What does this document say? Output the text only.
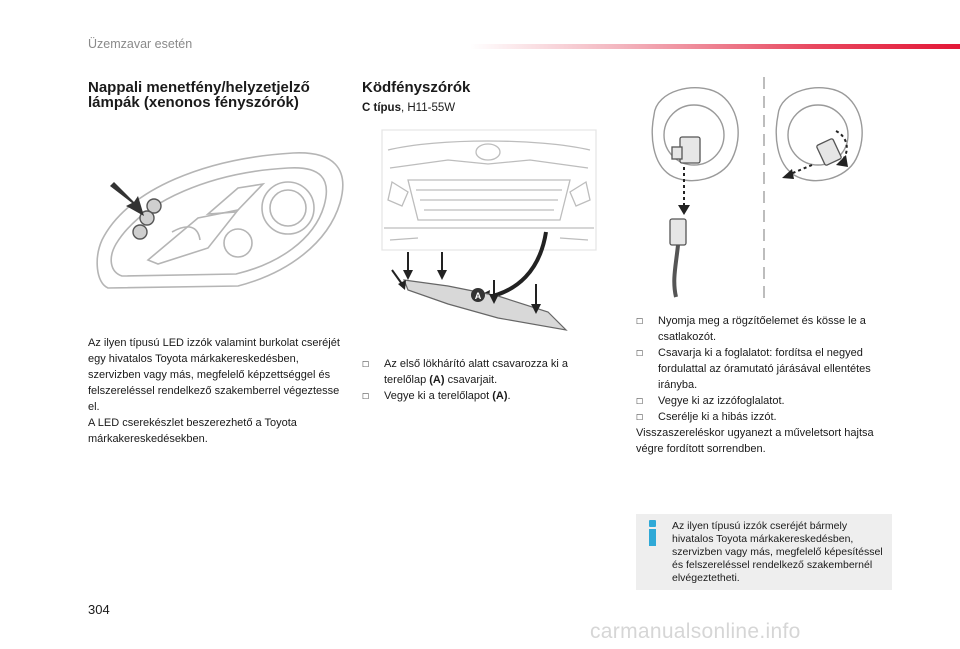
Üzemzavar esetén
Nappali menetfény/helyzetjelző lámpák (xenonos fényszórók)
Az ilyen típusú LED izzók valamint burkolat cseréjét egy hivatalos Toyota márkakereskedésben, szervizben vagy más, megfelelő képzettséggel és felszereléssel rendelkező szakemberrel végeztesse el.
A LED cserekészlet beszerezhető a Toyota márkakereskedésekben.
Ködfényszórók
C típus, H11-55W
A
☐ Az első lökhárító alatt csavarozza ki a terelőlap (A) csavarjait.
☐ Vegye ki a terelőlapot (A).
☐ Nyomja meg a rögzítőelemet és kösse le a csatlakozót.
☐ Csavarja ki a foglalatot: fordítsa el negyed fordulattal az óramutató járásával ellentétes irányba.
☐ Vegye ki az izzófoglalatot.
☐ Cserélje ki a hibás izzót.
Visszaszereléskor ugyanezt a műveletsort hajtsa végre fordított sorrendben.
Az ilyen típusú izzók cseréjét bármely hivatalos Toyota márkakereskedésben, szervizben vagy más, megfelelő képesítéssel és felszereléssel rendelkező szakembernél elvégeztetheti.
304
carmanualsonline.info
